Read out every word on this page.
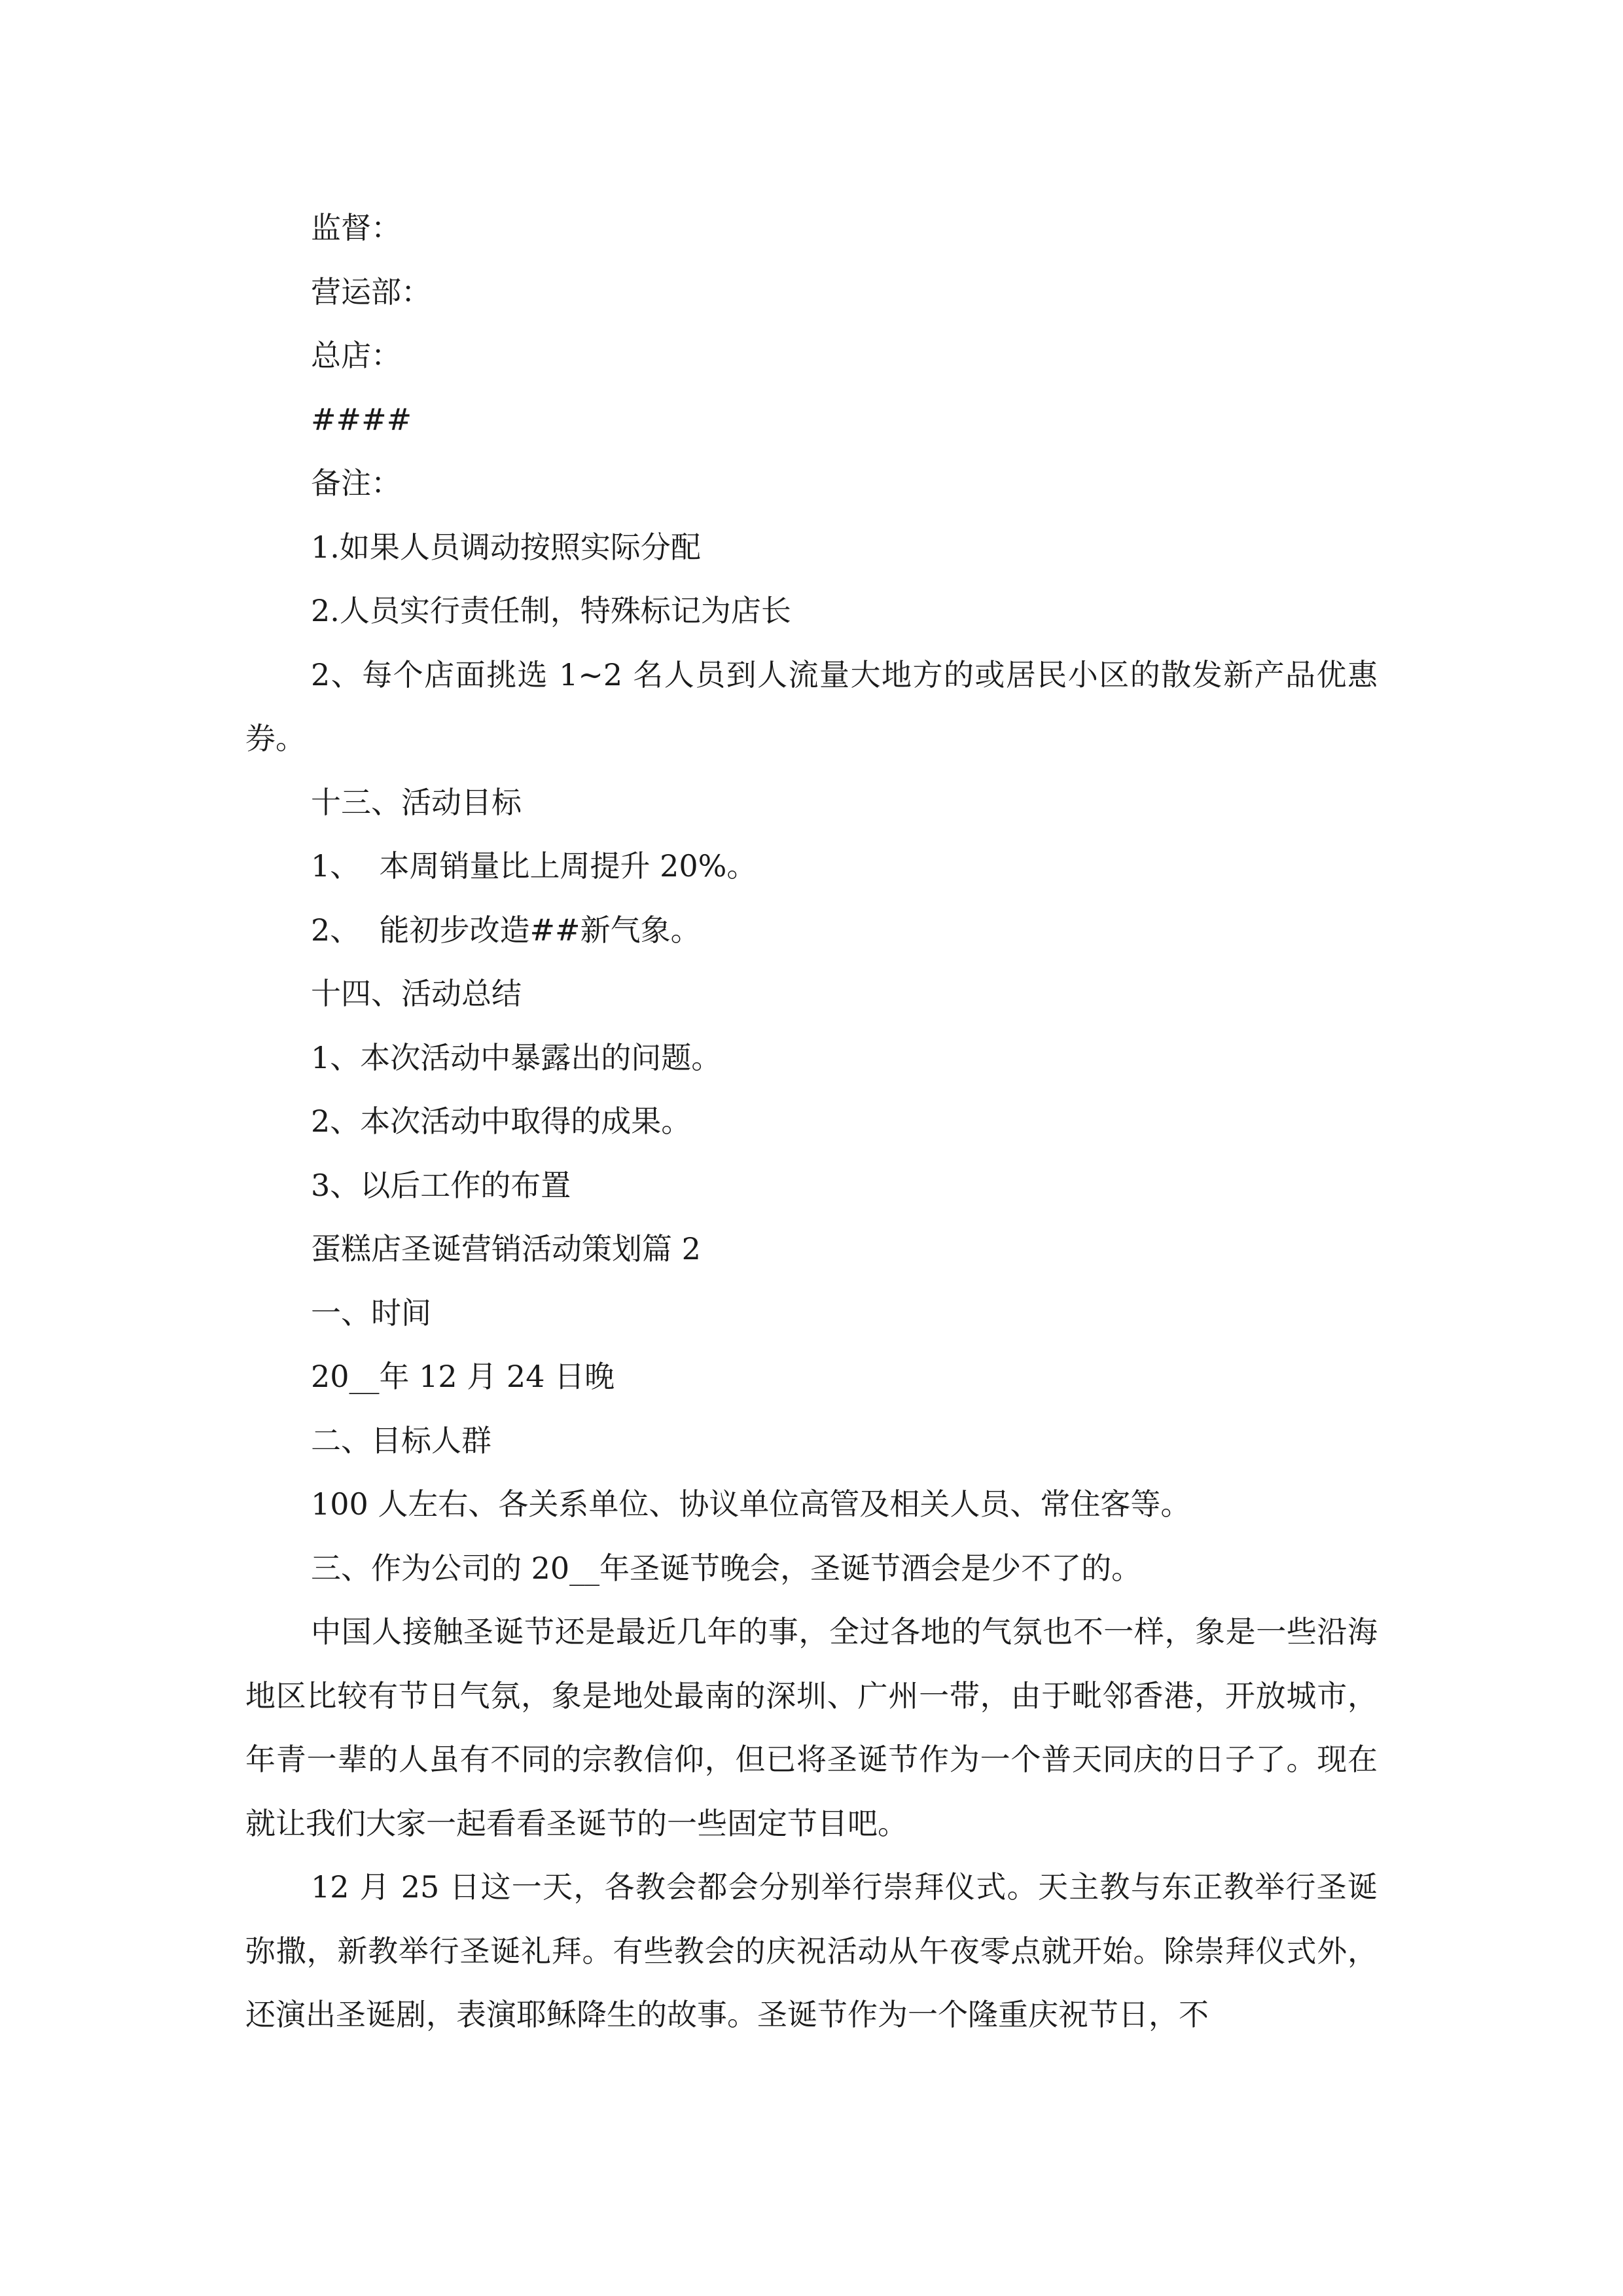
监督：
营运部：
总店：
####
备注：
1.如果人员调动按照实际分配
2.人员实行责任制，特殊标记为店长
2、每个店面挑选 1~2 名人员到人流量大地方的或居民小区的散发新产品优惠券。
十三、活动目标
1、  本周销量比上周提升 20%。
2、  能初步改造##新气象。
十四、活动总结
1、本次活动中暴露出的问题。
2、本次活动中取得的成果。
3、以后工作的布置
蛋糕店圣诞营销活动策划篇 2
一、时间
20__年 12 月 24 日晚
二、目标人群
100 人左右、各关系单位、协议单位高管及相关人员、常住客等。
三、作为公司的 20__年圣诞节晚会，圣诞节酒会是少不了的。
中国人接触圣诞节还是最近几年的事，全过各地的气氛也不一样，象是一些沿海地区比较有节日气氛，象是地处最南的深圳、广州一带，由于毗邻香港，开放城市，年青一辈的人虽有不同的宗教信仰，但已将圣诞节作为一个普天同庆的日子了。现在就让我们大家一起看看圣诞节的一些固定节目吧。
12 月 25 日这一天，各教会都会分别举行崇拜仪式。天主教与东正教举行圣诞弥撒，新教举行圣诞礼拜。有些教会的庆祝活动从午夜零点就开始。除崇拜仪式外，还演出圣诞剧，表演耶稣降生的故事。圣诞节作为一个隆重庆祝节日，不
